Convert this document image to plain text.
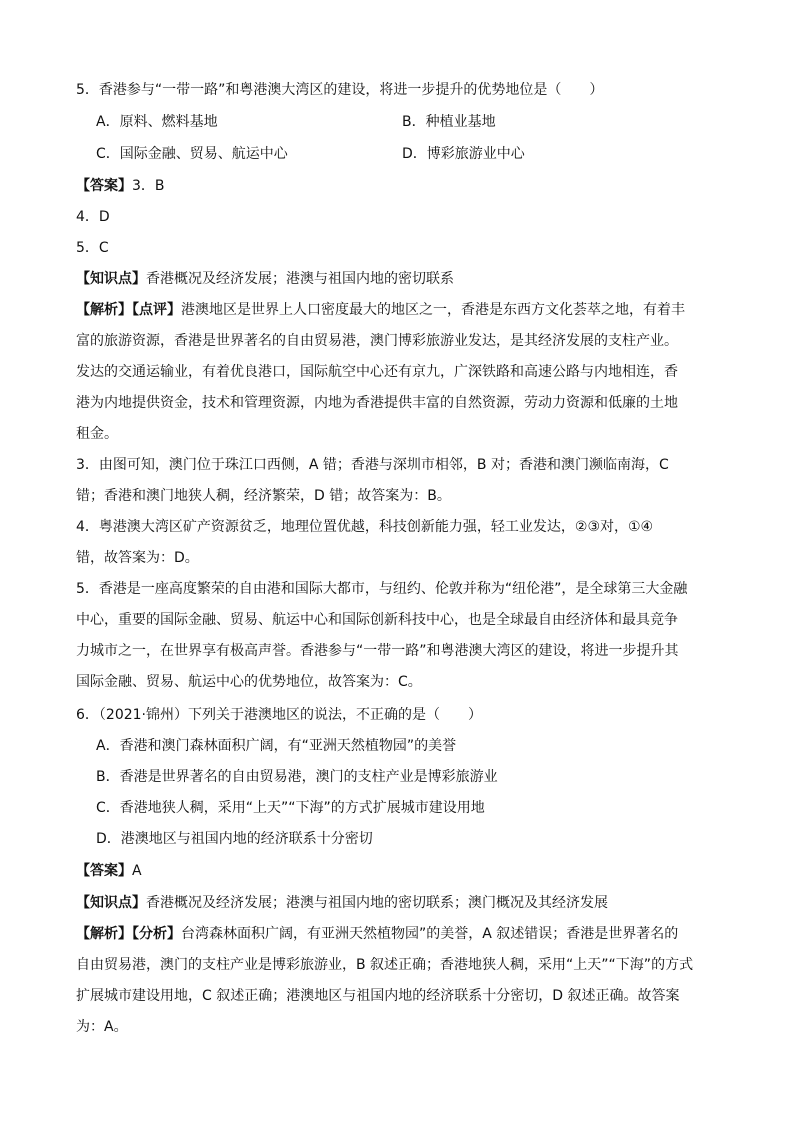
5．香港参与“一带一路”和粤港澳大湾区的建设，将进一步提升的优势地位是（　　）
A．原料、燃料基地	B．种植业基地
C．国际金融、贸易、航运中心	D．博彩旅游业中心
【答案】3．B
4．D
5．C
【知识点】香港概况及经济发展；港澳与祖国内地的密切联系
【解析】【点评】港澳地区是世界上人口密度最大的地区之一，香港是东西方文化荟萃之地，有着丰
富的旅游资源，香港是世界著名的自由贸易港，澳门博彩旅游业发达，是其经济发展的支柱产业。
发达的交通运输业，有着优良港口，国际航空中心还有京九，广深铁路和高速公路与内地相连，香
港为内地提供资金，技术和管理资源，内地为香港提供丰富的自然资源，劳动力资源和低廉的土地
租金。
3．由图可知，澳门位于珠江口西侧，A 错；香港与深圳市相邻，B 对；香港和澳门濒临南海，C
错；香港和澳门地狭人稠，经济繁荣，D 错；故答案为：B。
4．粤港澳大湾区矿产资源贫乏，地理位置优越，科技创新能力强，轻工业发达，②③对，①④
错，故答案为：D。
5．香港是一座高度繁荣的自由港和国际大都市，与纽约、伦敦并称为“纽伦港”，是全球第三大金融
中心，重要的国际金融、贸易、航运中心和国际创新科技中心，也是全球最自由经济体和最具竞争
力城市之一，在世界享有极高声誉。香港参与“一带一路”和粤港澳大湾区的建设，将进一步提升其
国际金融、贸易、航运中心的优势地位，故答案为：C。
6．（2021·锦州）下列关于港澳地区的说法，不正确的是（　　）
A．香港和澳门森林面积广阔，有“亚洲天然植物园”的美誉
B．香港是世界著名的自由贸易港，澳门的支柱产业是博彩旅游业
C．香港地狭人稠，采用“上天”“下海”的方式扩展城市建设用地
D．港澳地区与祖国内地的经济联系十分密切
【答案】A
【知识点】香港概况及经济发展；港澳与祖国内地的密切联系；澳门概况及其经济发展
【解析】【分析】台湾森林面积广阔，有亚洲天然植物园”的美誉，A 叙述错误；香港是世界著名的
自由贸易港，澳门的支柱产业是博彩旅游业，B 叙述正确；香港地狭人稠，采用“上天”“下海”的方式
扩展城市建设用地，C 叙述正确；港澳地区与祖国内地的经济联系十分密切，D 叙述正确。故答案
为：A。
